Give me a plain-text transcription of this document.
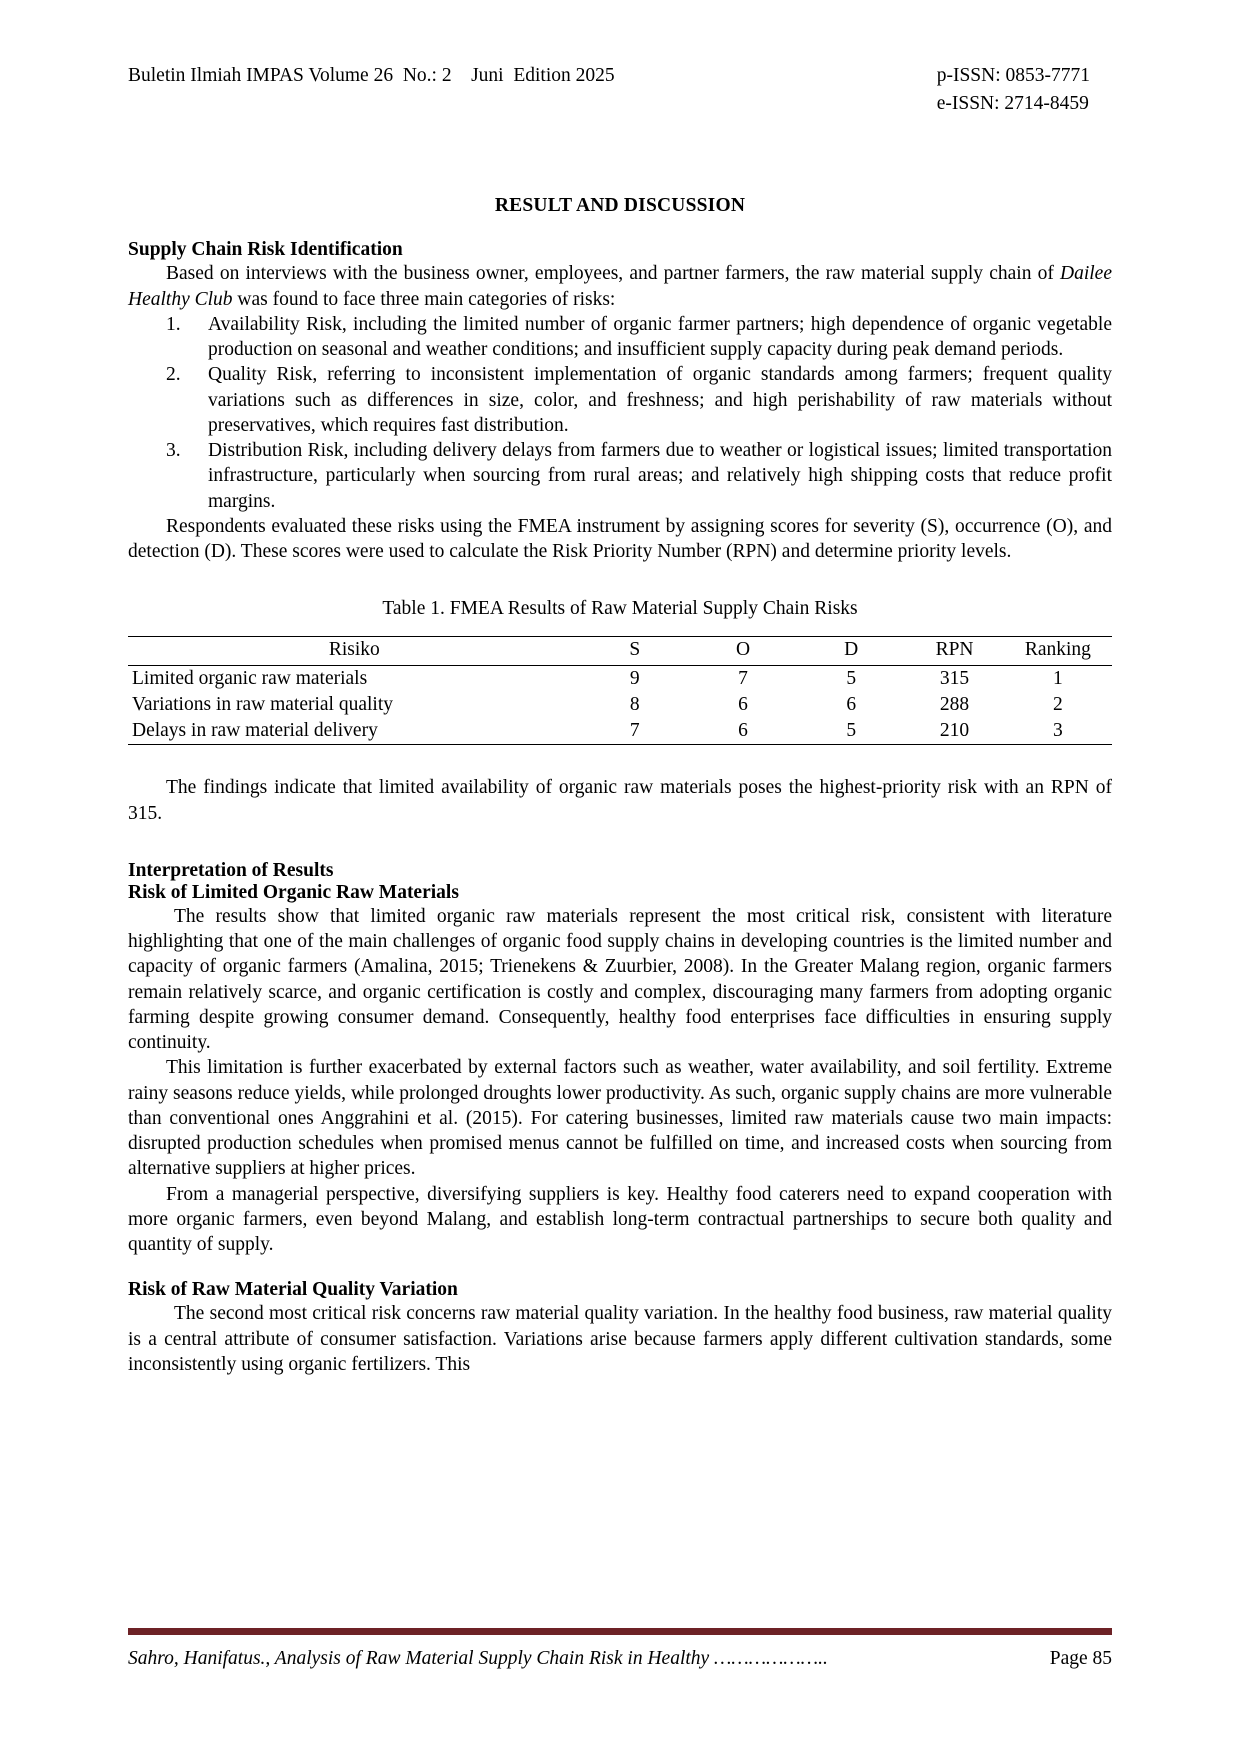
Buletin Ilmiah IMPAS Volume 26  No.: 2    Juni  Edition 2025	p-ISSN: 0853-7771
e-ISSN: 2714-8459
RESULT AND DISCUSSION
Supply Chain Risk Identification

Based on interviews with the business owner, employees, and partner farmers, the raw material supply chain of Dailee Healthy Club was found to face three main categories of risks:

1.	Availability Risk, including the limited number of organic farmer partners; high dependence of organic vegetable production on seasonal and weather conditions; and insufficient supply capacity during peak demand periods.
2.	Quality Risk, referring to inconsistent implementation of organic standards among farmers; frequent quality variations such as differences in size, color, and freshness; and high perishability of raw materials without preservatives, which requires fast distribution.
3.	Distribution Risk, including delivery delays from farmers due to weather or logistical issues; limited transportation infrastructure, particularly when sourcing from rural areas; and relatively high shipping costs that reduce profit margins.

Respondents evaluated these risks using the FMEA instrument by assigning scores for severity (S), occurrence (O), and detection (D). These scores were used to calculate the Risk Priority Number (RPN) and determine priority levels.

Table 1. FMEA Results of Raw Material Supply Chain Risks
Risiko	S	O	D	RPN	Ranking
Limited organic raw materials	9	7	5	315	1
Variations in raw material quality	8	6	6	288	2
Delays in raw material delivery	7	6	5	210	3

The findings indicate that limited availability of organic raw materials poses the highest-priority risk with an RPN of 315.

Interpretation of Results
Risk of Limited Organic Raw Materials

The results show that limited organic raw materials represent the most critical risk, consistent with literature highlighting that one of the main challenges of organic food supply chains in developing countries is the limited number and capacity of organic farmers (Amalina, 2015; Trienekens & Zuurbier, 2008). In the Greater Malang region, organic farmers remain relatively scarce, and organic certification is costly and complex, discouraging many farmers from adopting organic farming despite growing consumer demand. Consequently, healthy food enterprises face difficulties in ensuring supply continuity.

This limitation is further exacerbated by external factors such as weather, water availability, and soil fertility. Extreme rainy seasons reduce yields, while prolonged droughts lower productivity. As such, organic supply chains are more vulnerable than conventional ones Anggrahini et al. (2015). For catering businesses, limited raw materials cause two main impacts: disrupted production schedules when promised menus cannot be fulfilled on time, and increased costs when sourcing from alternative suppliers at higher prices.

From a managerial perspective, diversifying suppliers is key. Healthy food caterers need to expand cooperation with more organic farmers, even beyond Malang, and establish long-term contractual partnerships to secure both quality and quantity of supply.

Risk of Raw Material Quality Variation

The second most critical risk concerns raw material quality variation. In the healthy food business, raw material quality is a central attribute of consumer satisfaction. Variations arise because farmers apply different cultivation standards, some inconsistently using organic fertilizers. This

Sahro, Hanifatus., Analysis of Raw Material Supply Chain Risk in Healthy ………………..	Page 85
